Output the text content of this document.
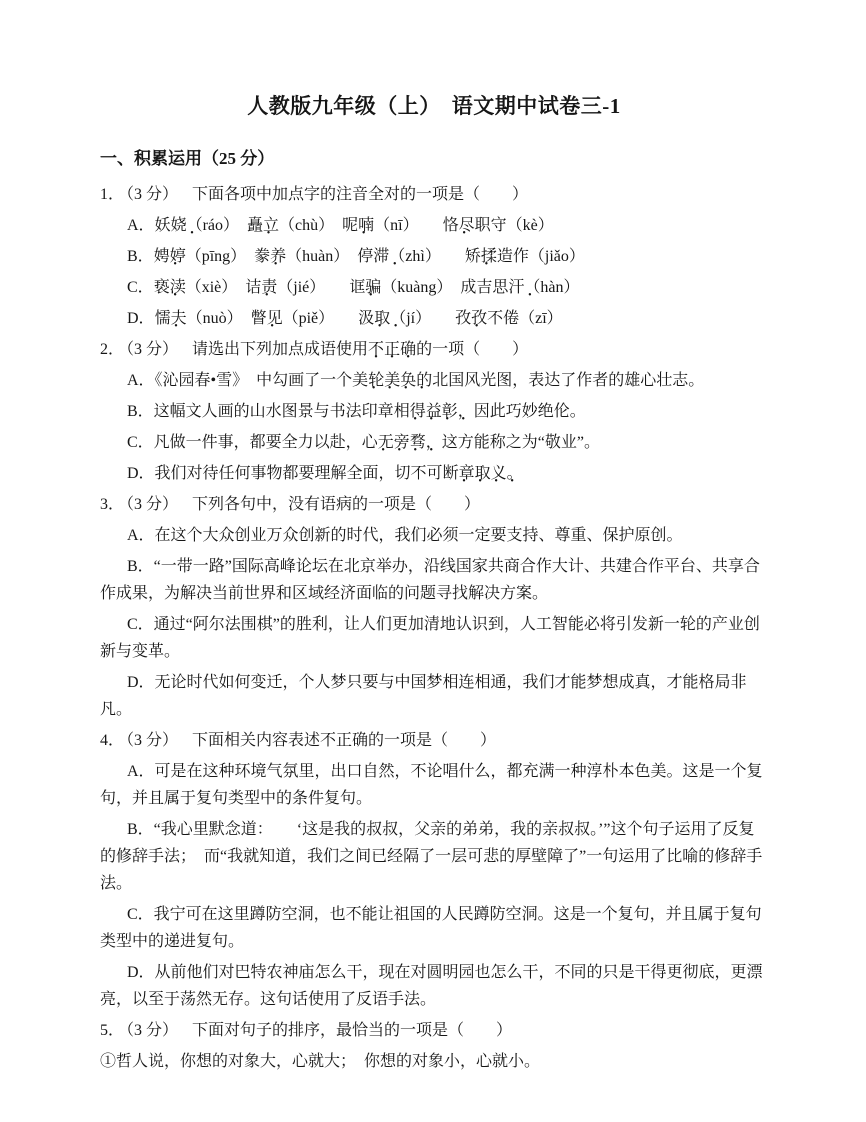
人教版九年级（上）　语文期中试卷三-1
一、积累运用（25 分）

1． （3 分） 下面各项中加点字的注音全对的一项是（　　）

A．妖娆（ráo）　矗立（chù）　呢喃（nī）　　恪尽职守（kè）

B．娉婷（pīng）　豢养（huàn）　停滞（zhì）　　矫揉造作（jiǎo）

C．亵渎（xiè）　诘责（jié）　　诓骗（kuàng）　成吉思汗（hàn）

D．懦夫（nuò）　瞥见（piě）　　汲取（jí）　　孜孜不倦（zī）

2． （3 分） 请选出下列加点成语使用不正确的一项（　　）

A．《沁园春•雪》　中勾画了一个美轮美奂的北国风光图，表达了作者的雄心壮志。

B．这幅文人画的山水图景与书法印章相得益彰，因此巧妙绝伦。

C．凡做一件事，都要全力以赴，心无旁骛，这方能称之为“敬业”。

D．我们对待任何事物都要理解全面，切不可断章取义。

3． （3 分） 下列各句中，没有语病的一项是（　　）

A．在这个大众创业万众创新的时代，我们必须一定要支持、尊重、保护原创。

B．“一带一路”国际高峰论坛在北京举办，沿线国家共商合作大计、共建合作平台、共享合作成果，为解决当前世界和区域经济面临的问题寻找解决方案。

C．通过“阿尔法围棋”的胜利，让人们更加清地认识到，人工智能必将引发新一轮的产业创新与变革。

D．无论时代如何变迁，个人梦只要与中国梦相连相通，我们才能梦想成真，才能格局非凡。

4． （3 分） 下面相关内容表述不正确的一项是（　　）

A．可是在这种环境气氛里，出口自然，不论唱什么，都充满一种淳朴本色美。这是一个复句，并且属于复句类型中的条件复句。

B．“我心里默念道：　　‘这是我的叔叔，父亲的弟弟，我的亲叔叔。’”这个句子运用了反复的修辞手法；　而“我就知道，我们之间已经隔了一层可悲的厚壁障了”一句运用了比喻的修辞手法。

C．我宁可在这里蹲防空洞，也不能让祖国的人民蹲防空洞。这是一个复句，并且属于复句类型中的递进复句。

D．从前他们对巴特农神庙怎么干，现在对圆明园也怎么干，不同的只是干得更彻底，更漂亮，以至于荡然无存。这句话使用了反语手法。

5． （3 分） 下面对句子的排序，最恰当的一项是（　　）

①哲人说，你想的对象大，心就大；　你想的对象小，心就小。
